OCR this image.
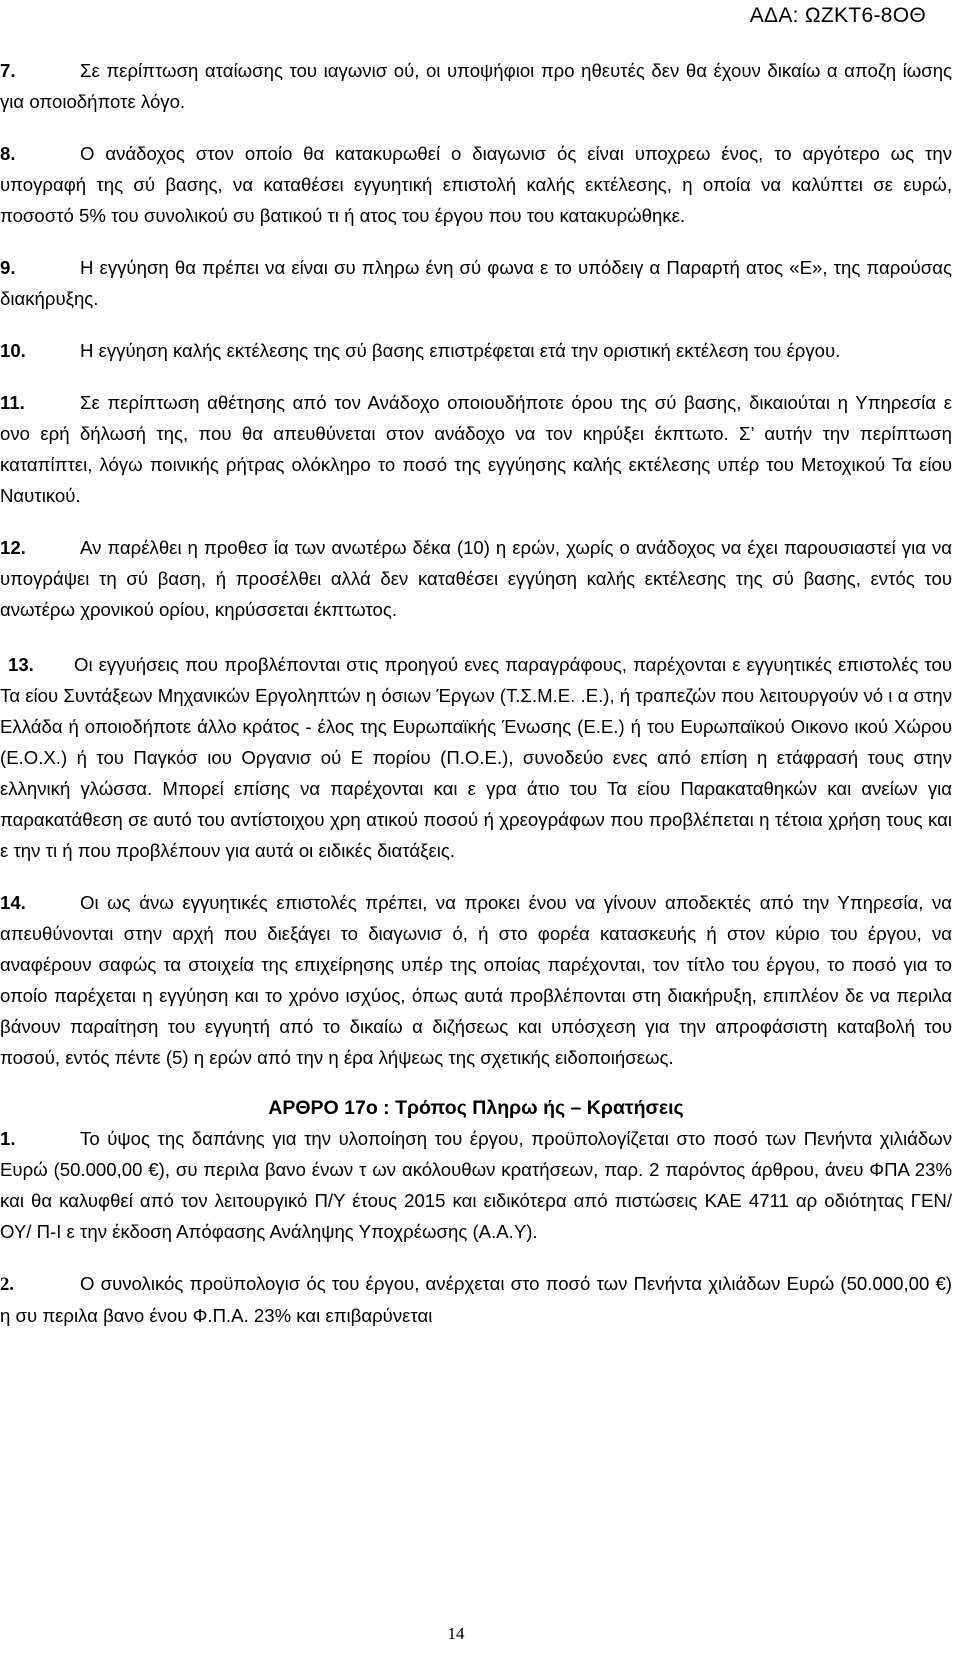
ΑΔΑ: ΩΖΚΤ6-8ΟΘ

7.	Σε περίπτωση αταίωσης του ιαγωνισ ού, οι υποψήφιοι προ ηθευτές δεν θα έχουν δικαίω α αποζη ίωσης για οποιοδήποτε λόγο.

8.	Ο ανάδοχος στον οποίο θα κατακυρωθεί ο διαγωνισ ός είναι υποχρεω ένος, το αργότερο ως την υπογραφή της σύ βασης, να καταθέσει εγγυητική επιστολή καλής εκτέλεσης, η οποία να καλύπτει σε ευρώ, ποσοστό 5% του συνολικού συ βατικού τι ή ατος του έργου που του κατακυρώθηκε.

9.	Η εγγύηση θα πρέπει να είναι συ πληρω ένη σύ φωνα ε το υπόδειγ α Παραρτή ατος «Ε», της παρούσας διακήρυξης.

10.	Η εγγύηση καλής εκτέλεσης της σύ βασης επιστρέφεται ετά την οριστική εκτέλεση του έργου.

11.	Σε περίπτωση αθέτησης από τον Ανάδοχο οποιουδήποτε όρου της σύ βασης, δικαιούται η Υπηρεσία ε ονο ερή δήλωσή της, που θα απευθύνεται στον ανάδοχο να τον κηρύξει έκπτωτο. Σ’ αυτήν την περίπτωση καταπίπτει, λόγω ποινικής ρήτρας ολόκληρο το ποσό της εγγύησης καλής εκτέλεσης υπέρ του Μετοχικού Τα είου Ναυτικού.

12.	Αν παρέλθει η προθεσ ία των ανωτέρω δέκα (10) η ερών, χωρίς ο ανάδοχος να έχει παρουσιαστεί για να υπογράψει τη σύ βαση, ή προσέλθει αλλά δεν καταθέσει εγγύηση καλής εκτέλεσης της σύ βασης, εντός του ανωτέρω χρονικού ορίου, κηρύσσεται έκπτωτος.

13. Οι εγγυήσεις που προβλέπονται στις προηγού ενες παραγράφους, παρέχονται ε εγγυητικές επιστολές του Τα είου Συντάξεων Μηχανικών Εργοληπτών η όσιων Έργων (Τ.Σ.Μ.Ε. .Ε.), ή τραπεζών που λειτουργούν νό ι α στην Ελλάδα ή οποιοδήποτε άλλο κράτος - έλος της Ευρωπαϊκής Ένωσης (Ε.Ε.) ή του Ευρωπαϊκού Οικονο ικού Χώρου (Ε.Ο.Χ.) ή του Παγκόσ ιου Οργανισ ού Ε πορίου (Π.Ο.Ε.), συνοδεύο ενες από επίση η ετάφρασή τους στην ελληνική γλώσσα. Μπορεί επίσης να παρέχονται και ε γρα άτιο του Τα είου Παρακαταθηκών και ανείων για παρακατάθεση σε αυτό του αντίστοιχου χρη ατικού ποσού ή χρεογράφων που προβλέπεται η τέτοια χρήση τους και ε την τι ή που προβλέπουν για αυτά οι ειδικές διατάξεις.

14.	Οι ως άνω εγγυητικές επιστολές πρέπει, να προκει ένου να γίνουν αποδεκτές από την Υπηρεσία, να απευθύνονται στην αρχή που διεξάγει το διαγωνισ ό, ή στο φορέα κατασκευής ή στον κύριο του έργου, να αναφέρουν σαφώς τα στοιχεία της επιχείρησης υπέρ της οποίας παρέχονται, τον τίτλο του έργου, το ποσό για το οποίο παρέχεται η εγγύηση και το χρόνο ισχύος, όπως αυτά προβλέπονται στη διακήρυξη, επιπλέον δε να περιλα βάνουν παραίτηση του εγγυητή από το δικαίω α διζήσεως και υπόσχεση για την απροφάσιστη καταβολή του ποσού, εντός πέντε (5) η ερών από την η έρα λήψεως της σχετικής ειδοποιήσεως.

ΑΡΘΡΟ 17ο : Τρόπος Πληρω ής – Κρατήσεις

1.	Το ύψος της δαπάνης για την υλοποίηση του έργου, προϋπολογίζεται στο ποσό των Πενήντα χιλιάδων Ευρώ (50.000,00 €), συ περιλα βανο ένων τ ων ακόλουθων κρατήσεων, παρ. 2 παρόντος άρθρου, άνευ ΦΠΑ 23% και θα καλυφθεί από τον λειτουργικό Π/Υ έτους 2015 και ειδικότερα από πιστώσεις ΚΑΕ 4711 αρ οδιότητας ΓΕΝ/ ΟΥ/ Π-Ι ε την έκδοση Απόφασης Ανάληψης Υποχρέωσης (Α.Α.Υ).

2.	Ο συνολικός προϋπολογισ ός του έργου, ανέρχεται στο ποσό των Πενήντα χιλιάδων Ευρώ (50.000,00 €) η συ περιλα βανο ένου Φ.Π.Α. 23% και επιβαρύνεται

14
